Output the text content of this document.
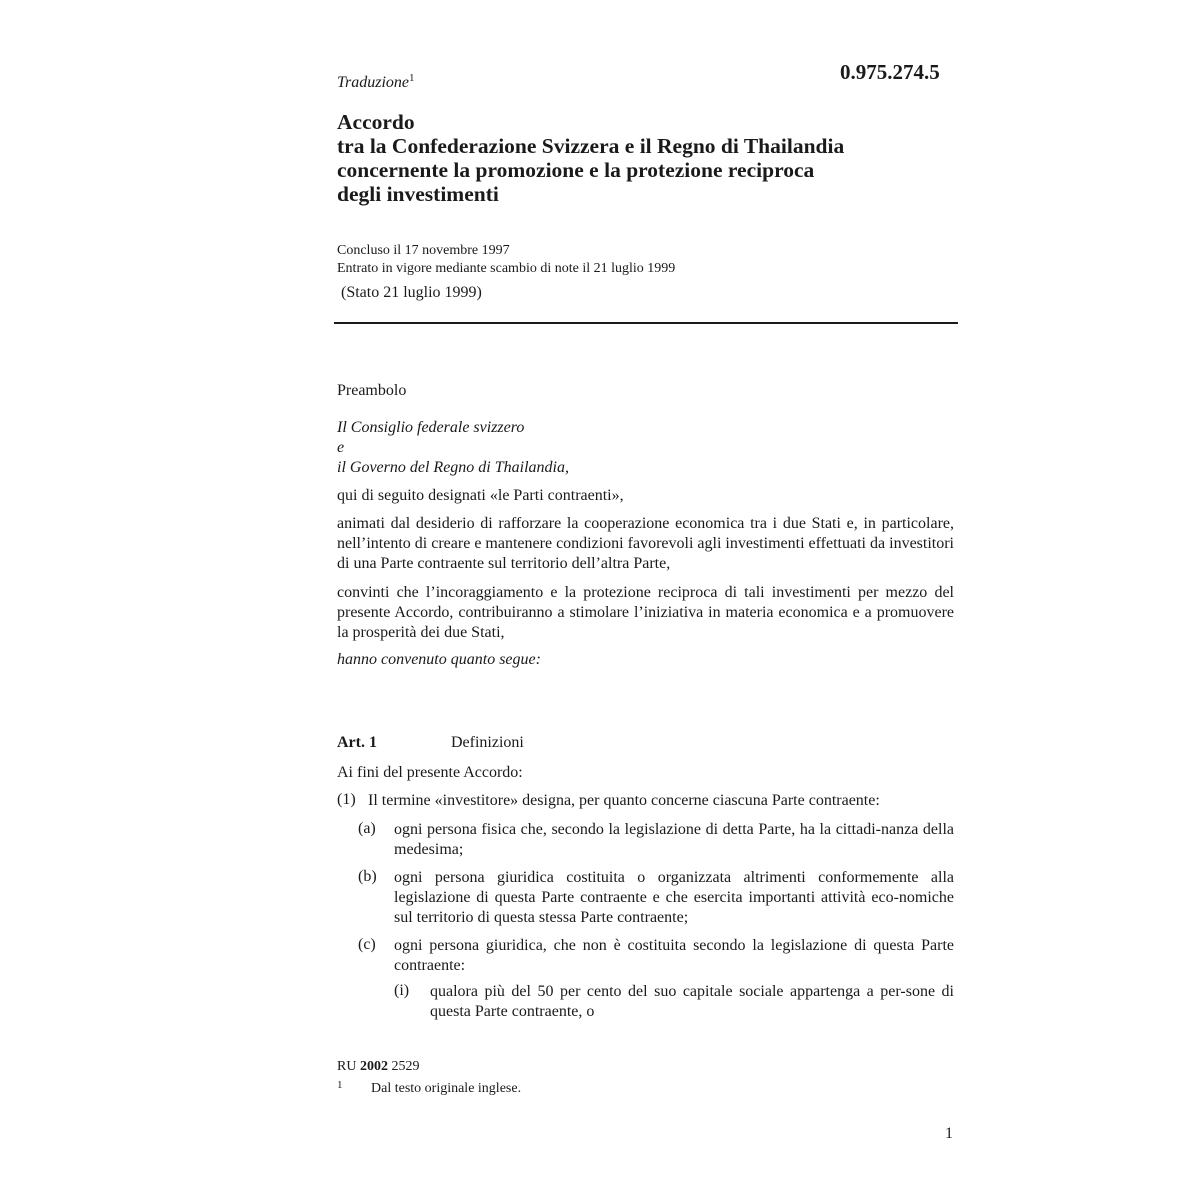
0.975.274.5
Traduzione$^1$
Accordo
tra la Confederazione Svizzera e il Regno di Thailandia
concernente la promozione e la protezione reciproca
degli investimenti
Concluso il 17 novembre 1997
Entrato in vigore mediante scambio di note il 21 luglio 1999
(Stato 21 luglio 1999)
Preambolo
Il Consiglio federale svizzero
e
il Governo del Regno di Thailandia,
qui di seguito designati «le Parti contraenti»,
animati dal desiderio di rafforzare la cooperazione economica tra i due Stati e, in particolare, nell’intento di creare e mantenere condizioni favorevoli agli investimenti effettuati da investitori di una Parte contraente sul territorio dell’altra Parte,
convinti che l’incoraggiamento e la protezione reciproca di tali investimenti per mezzo del presente Accordo, contribuiranno a stimolare l’iniziativa in materia economica e a promuovere la prosperità dei due Stati,
hanno convenuto quanto segue:
Art. 1	Definizioni
Ai fini del presente Accordo:
(1) Il termine «investitore» designa, per quanto concerne ciascuna Parte contraente:
(a) ogni persona fisica che, secondo la legislazione di detta Parte, ha la cittadi-nanza della medesima;
(b) ogni persona giuridica costituita o organizzata altrimenti conformemente alla legislazione di questa Parte contraente e che esercita importanti attività eco-nomiche sul territorio di questa stessa Parte contraente;
(c) ogni persona giuridica, che non è costituita secondo la legislazione di questa Parte contraente:
(i) qualora più del 50 per cento del suo capitale sociale appartenga a per-sone di questa Parte contraente, o
RU 2002 2529
1 Dal testo originale inglese.
1
